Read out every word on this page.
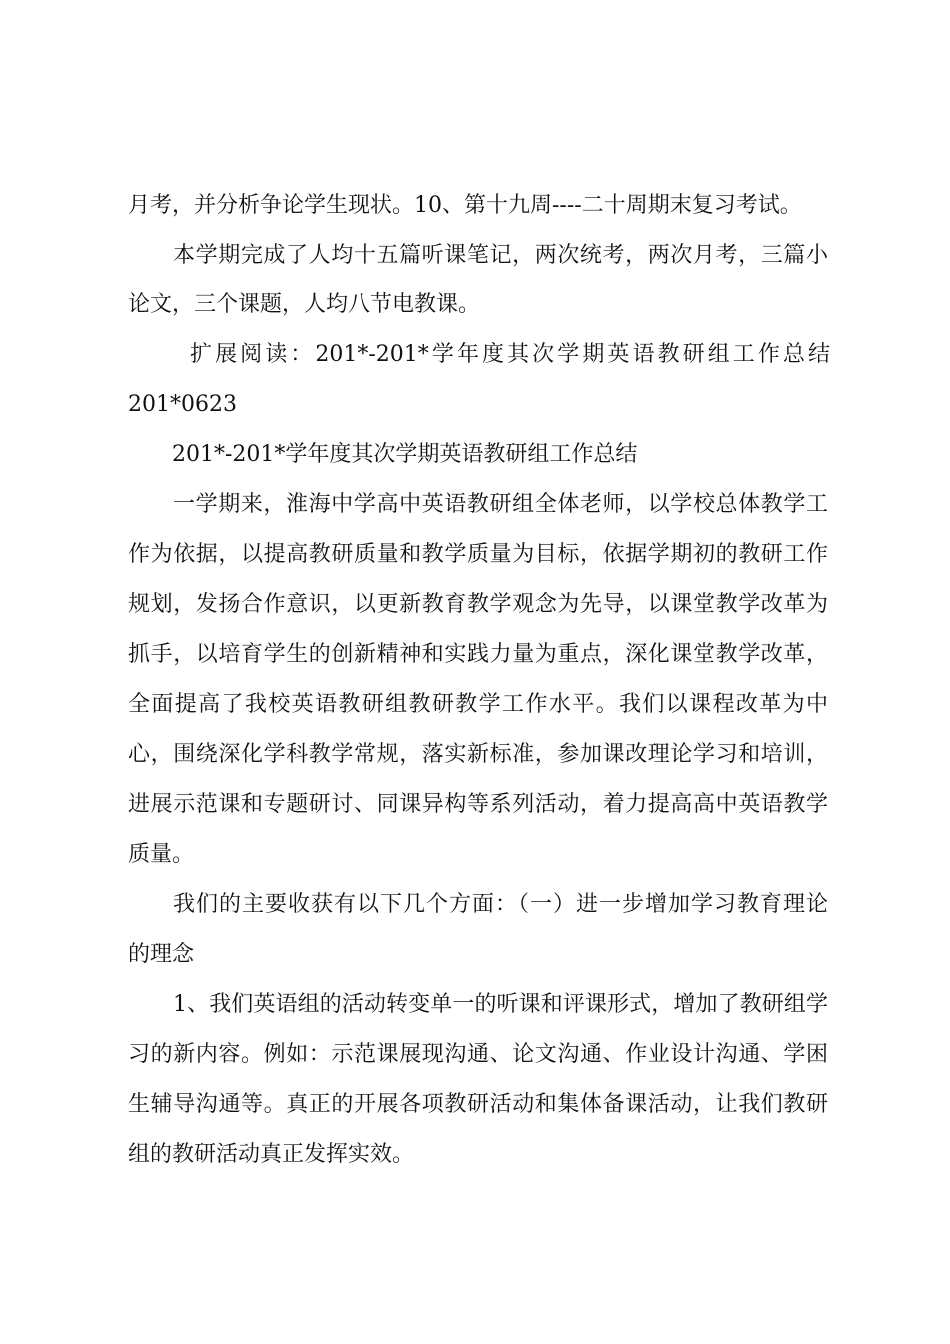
月考，并分析争论学生现状。10、第十九周----二十周期末复习考试。
本学期完成了人均十五篇听课笔记，两次统考，两次月考，三篇小
论文，三个课题，人均八节电教课。
扩展阅读：201*-201*学年度其次学期英语教研组工作总结
201*0623
201*-201*学年度其次学期英语教研组工作总结
一学期来，淮海中学高中英语教研组全体老师，以学校总体教学工
作为依据，以提高教研质量和教学质量为目标，依据学期初的教研工作
规划，发扬合作意识，以更新教育教学观念为先导，以课堂教学改革为
抓手，以培育学生的创新精神和实践力量为重点，深化课堂教学改革，
全面提高了我校英语教研组教研教学工作水平。我们以课程改革为中
心，围绕深化学科教学常规，落实新标准，参加课改理论学习和培训，
进展示范课和专题研讨、同课异构等系列活动，着力提高高中英语教学
质量。
我们的主要收获有以下几个方面：（一）进一步增加学习教育理论
的理念
1、我们英语组的活动转变单一的听课和评课形式，增加了教研组学
习的新内容。例如：示范课展现沟通、论文沟通、作业设计沟通、学困
生辅导沟通等。真正的开展各项教研活动和集体备课活动，让我们教研
组的教研活动真正发挥实效。
